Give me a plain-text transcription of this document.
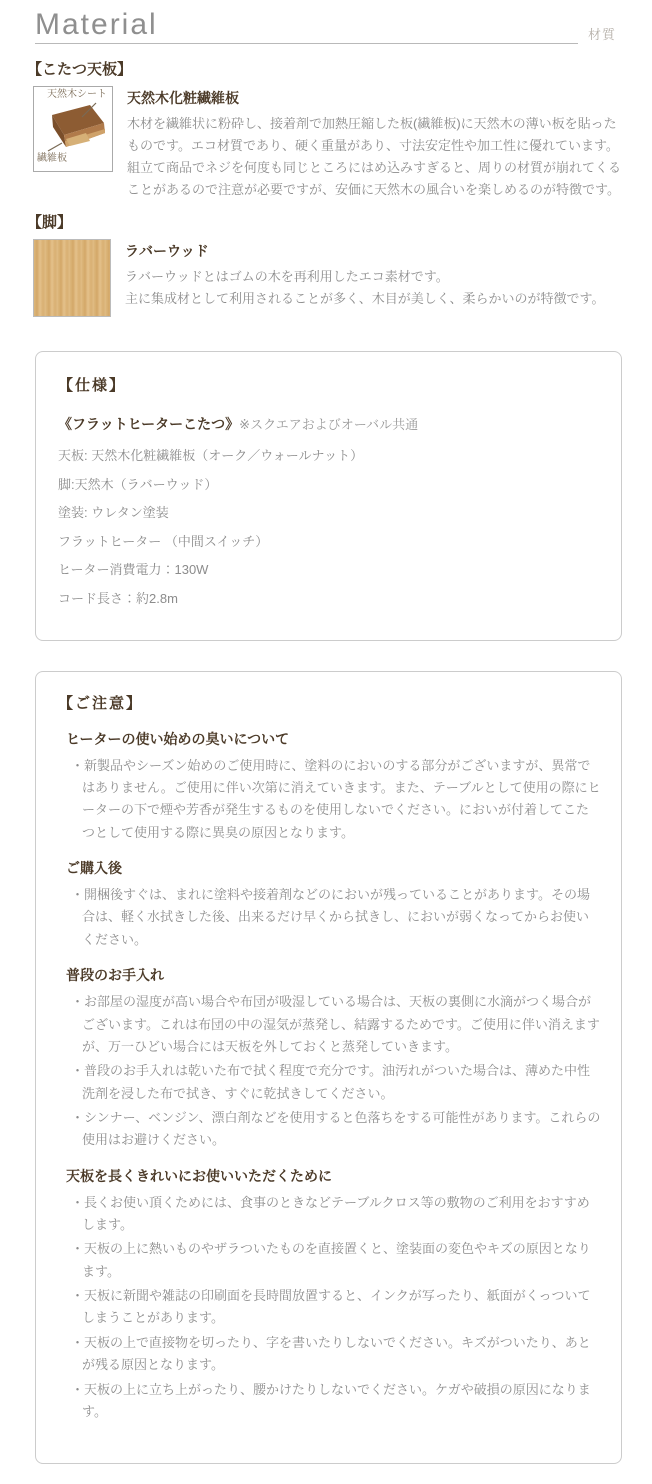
Material	材質
【こたつ天板】
天然木シート
繊維板
天然木化粧繊維板
木材を繊維状に粉砕し、接着剤で加熱圧縮した板(繊維板)に天然木の薄い板を貼ったものです。エコ材質であり、硬く重量があり、寸法安定性や加工性に優れています。組立て商品でネジを何度も同じところにはめ込みすぎると、周りの材質が崩れてくることがあるので注意が必要ですが、安価に天然木の風合いを楽しめるのが特徴です。
【脚】
ラバーウッド
ラバーウッドとはゴムの木を再利用したエコ素材です。
主に集成材として利用されることが多く、木目が美しく、柔らかいのが特徴です。
【仕様】
《フラットヒーターこたつ》※スクエアおよびオーバル共通
天板: 天然木化粧繊維板（オーク／ウォールナット）
脚:天然木（ラバーウッド）
塗装: ウレタン塗装
フラットヒーター （中間スイッチ）
ヒーター消費電力：130W
コード長さ：約2.8m
【ご注意】
ヒーターの使い始めの臭いについて
・新製品やシーズン始めのご使用時に、塗料のにおいのする部分がございますが、異常ではありません。ご使用に伴い次第に消えていきます。また、テーブルとして使用の際にヒーターの下で煙や芳香が発生するものを使用しないでください。においが付着してこたつとして使用する際に異臭の原因となります。
ご購入後
・開梱後すぐは、まれに塗料や接着剤などのにおいが残っていることがあります。その場合は、軽く水拭きした後、出来るだけ早くから拭きし、においが弱くなってからお使いください。
普段のお手入れ
・お部屋の湿度が高い場合や布団が吸湿している場合は、天板の裏側に水滴がつく場合がございます。これは布団の中の湿気が蒸発し、結露するためです。ご使用に伴い消えますが、万一ひどい場合には天板を外しておくと蒸発していきます。
・普段のお手入れは乾いた布で拭く程度で充分です。油汚れがついた場合は、薄めた中性洗剤を浸した布で拭き、すぐに乾拭きしてください。
・シンナー、ベンジン、漂白剤などを使用すると色落ちをする可能性があります。これらの使用はお避けください。
天板を長くきれいにお使いいただくために
・長くお使い頂くためには、食事のときなどテーブルクロス等の敷物のご利用をおすすめします。
・天板の上に熱いものやザラついたものを直接置くと、塗装面の変色やキズの原因となります。
・天板に新聞や雑誌の印刷面を長時間放置すると、インクが写ったり、紙面がくっついてしまうことがあります。
・天板の上で直接物を切ったり、字を書いたりしないでください。キズがついたり、あとが残る原因となります。
・天板の上に立ち上がったり、腰かけたりしないでください。ケガや破損の原因になります。
